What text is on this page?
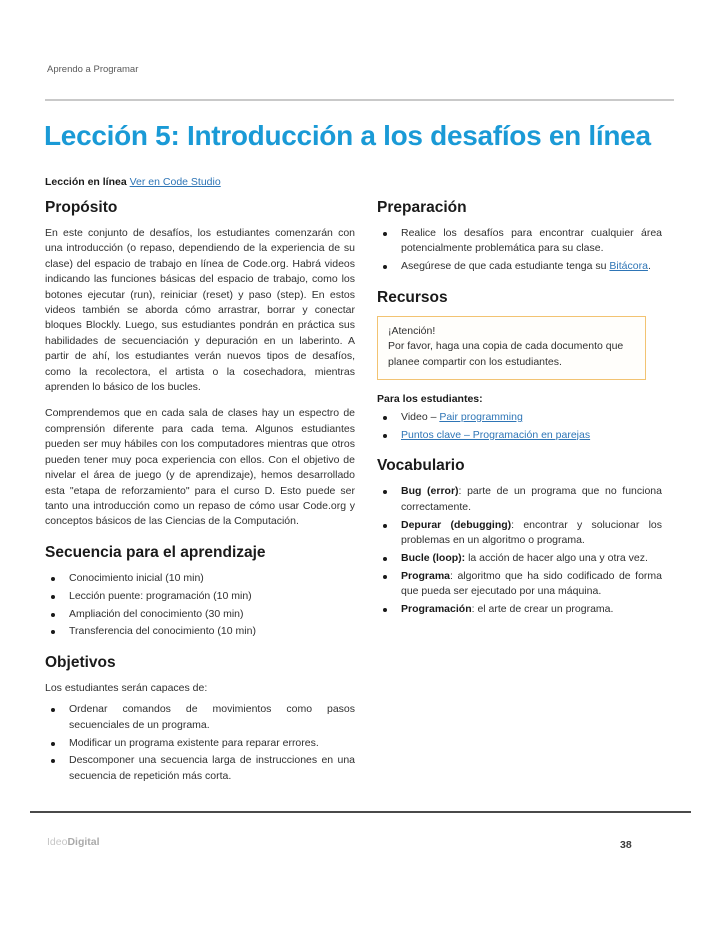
Aprendo a Programar
Lección 5: Introducción a los desafíos en línea
Lección en línea Ver en Code Studio
Propósito

En este conjunto de desafíos, los estudiantes comenzarán con una introducción (o repaso, dependiendo de la experiencia de su clase) del espacio de trabajo en línea de Code.org. Habrá videos indicando las funciones básicas del espacio de trabajo, como los botones ejecutar (run), reiniciar (reset) y paso (step). En estos videos también se aborda cómo arrastrar, borrar y conectar bloques Blockly. Luego, sus estudiantes pondrán en práctica sus habilidades de secuenciación y depuración en un laberinto. A partir de ahí, los estudiantes verán nuevos tipos de desafíos, como la recolectora, el artista o la cosechadora, mientras aprenden lo básico de los bucles.

Comprendemos que en cada sala de clases hay un espectro de comprensión diferente para cada tema. Algunos estudiantes pueden ser muy hábiles con los computadores mientras que otros pueden tener muy poca experiencia con ellos. Con el objetivo de nivelar el área de juego (y de aprendizaje), hemos desarrollado esta "etapa de reforzamiento" para el curso D. Esto puede ser tanto una introducción como un repaso de cómo usar Code.org y conceptos básicos de las Ciencias de la Computación.

Secuencia para el aprendizaje
Conocimiento inicial (10 min)
Lección puente: programación (10 min)
Ampliación del conocimiento (30 min)
Transferencia del conocimiento (10 min)
Objetivos

Los estudiantes serán capaces de:

Ordenar comandos de movimientos como pasos secuenciales de un programa.
Modificar un programa existente para reparar errores.
Descomponer una secuencia larga de instrucciones en una secuencia de repetición más corta.
Preparación
Realice los desafíos para encontrar cualquier área potencialmente problemática para su clase.
Asegúrese de que cada estudiante tenga su Bitácora.
Recursos
¡Atención!
Por favor, haga una copia de cada documento que planee compartir con los estudiantes.
Para los estudiantes:
Video – Pair programming
Puntos clave – Programación en parejas
Vocabulario
Bug (error): parte de un programa que no funciona correctamente.
Depurar (debugging): encontrar y solucionar los problemas en un algoritmo o programa.
Bucle (loop): la acción de hacer algo una y otra vez.
Programa: algoritmo que ha sido codificado de forma que pueda ser ejecutado por una máquina.
Programación: el arte de crear un programa.
IdeoDigital	38
